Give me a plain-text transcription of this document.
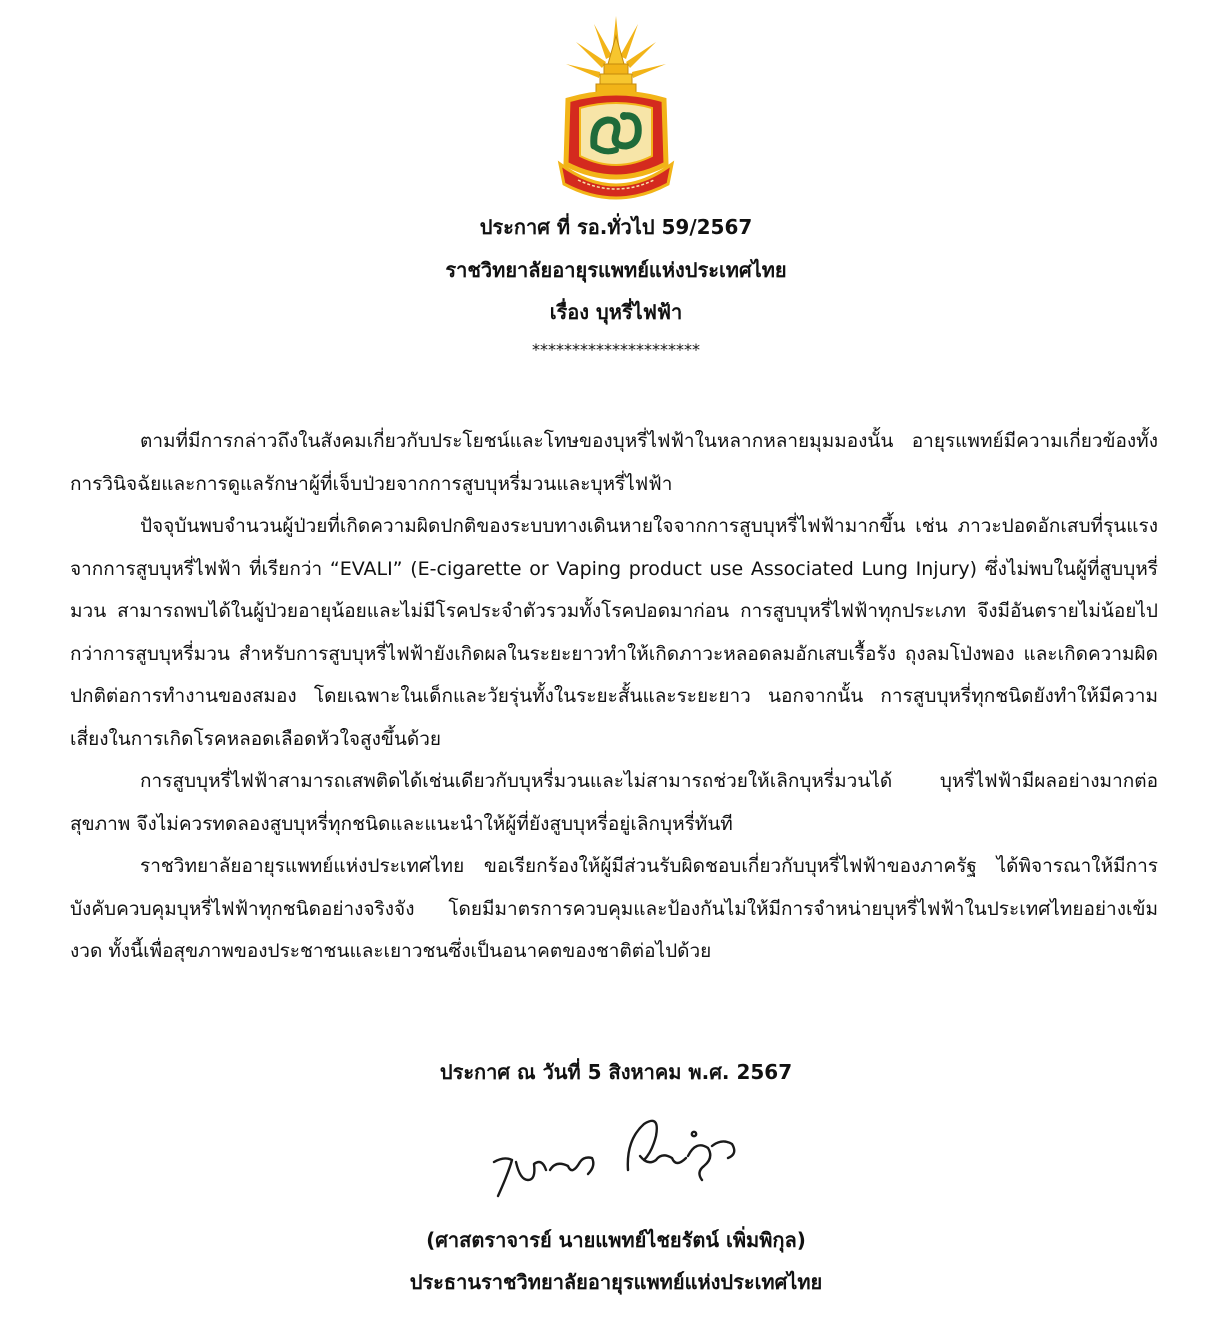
ประกาศ ที่ รอ.ทั่วไป 59/2567
ราชวิทยาลัยอายุรแพทย์แห่งประเทศไทย
เรื่อง บุหรี่ไฟฟ้า
*********************

ตามที่มีการกล่าวถึงในสังคมเกี่ยวกับประโยชน์และโทษของบุหรี่ไฟฟ้าในหลากหลายมุมมองนั้น อายุรแพทย์มีความเกี่ยวข้องทั้งการวินิจฉัยและการดูแลรักษาผู้ที่เจ็บป่วยจากการสูบบุหรี่มวนและบุหรี่ไฟฟ้า

ปัจจุบันพบจำนวนผู้ป่วยที่เกิดความผิดปกติของระบบทางเดินหายใจจากการสูบบุหรี่ไฟฟ้ามากขึ้น เช่น ภาวะปอดอักเสบที่รุนแรงจากการสูบบุหรี่ไฟฟ้า ที่เรียกว่า “EVALI” (E-cigarette or Vaping product use Associated Lung Injury) ซึ่งไม่พบในผู้ที่สูบบุหรี่มวน สามารถพบได้ในผู้ป่วยอายุน้อยและไม่มีโรคประจำตัวรวมทั้งโรคปอดมาก่อน การสูบบุหรี่ไฟฟ้าทุกประเภท จึงมีอันตรายไม่น้อยไปกว่าการสูบบุหรี่มวน สำหรับการสูบบุหรี่ไฟฟ้ายังเกิดผลในระยะยาวทำให้เกิดภาวะหลอดลมอักเสบเรื้อรัง ถุงลมโป่งพอง และเกิดความผิดปกติต่อการทำงานของสมอง โดยเฉพาะในเด็กและวัยรุ่นทั้งในระยะสั้นและระยะยาว นอกจากนั้น การสูบบุหรี่ทุกชนิดยังทำให้มีความเสี่ยงในการเกิดโรคหลอดเลือดหัวใจสูงขึ้นด้วย

การสูบบุหรี่ไฟฟ้าสามารถเสพติดได้เช่นเดียวกับบุหรี่มวนและไม่สามารถช่วยให้เลิกบุหรี่มวนได้ บุหรี่ไฟฟ้ามีผลอย่างมากต่อสุขภาพ จึงไม่ควรทดลองสูบบุหรี่ทุกชนิดและแนะนำให้ผู้ที่ยังสูบบุหรี่อยู่เลิกบุหรี่ทันที

ราชวิทยาลัยอายุรแพทย์แห่งประเทศไทย ขอเรียกร้องให้ผู้มีส่วนรับผิดชอบเกี่ยวกับบุหรี่ไฟฟ้าของภาครัฐ ได้พิจารณาให้มีการบังคับควบคุมบุหรี่ไฟฟ้าทุกชนิดอย่างจริงจัง โดยมีมาตรการควบคุมและป้องกันไม่ให้มีการจำหน่ายบุหรี่ไฟฟ้าในประเทศไทยอย่างเข้มงวด ทั้งนี้เพื่อสุขภาพของประชาชนและเยาวชนซึ่งเป็นอนาคตของชาติต่อไปด้วย

ประกาศ ณ วันที่ 5 สิงหาคม พ.ศ. 2567
(ศาสตราจารย์ นายแพทย์ไชยรัตน์ เพิ่มพิกุล)
ประธานราชวิทยาลัยอายุรแพทย์แห่งประเทศไทย
